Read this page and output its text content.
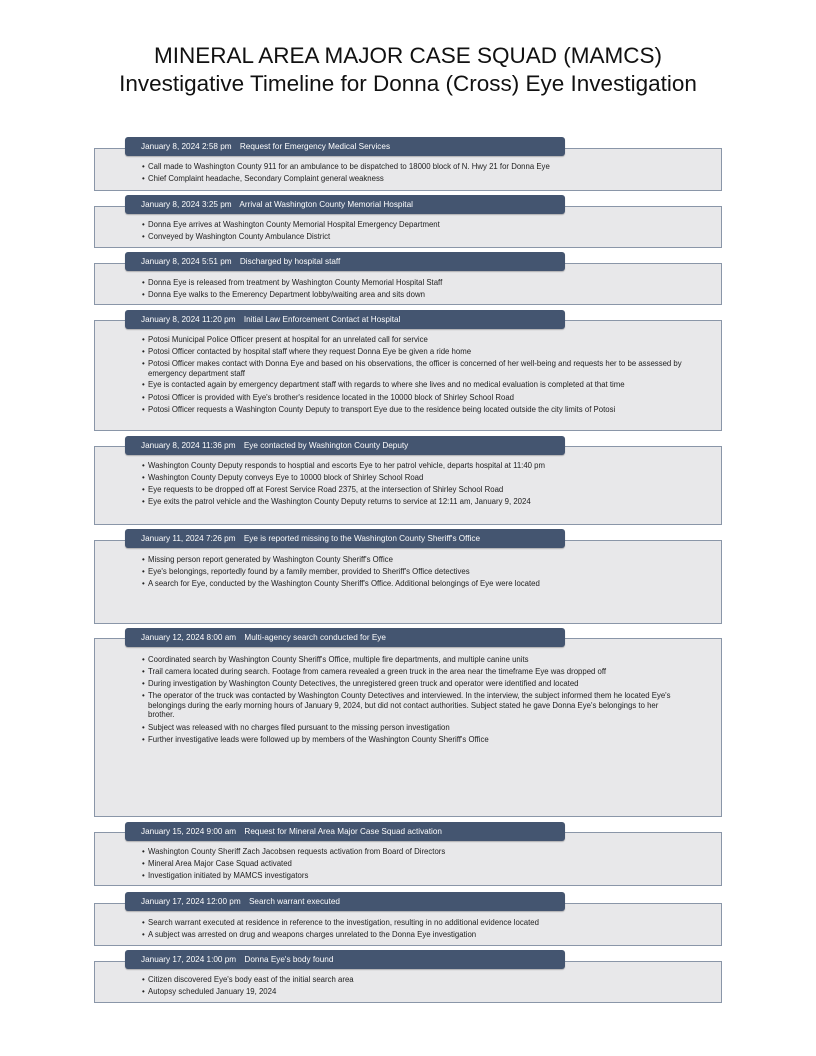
MINERAL AREA MAJOR CASE SQUAD (MAMCS)
Investigative Timeline for Donna (Cross) Eye Investigation
January 8, 2024 2:58 pm Request for Emergency Medical Services
• Call made to Washington County 911 for an ambulance to be dispatched to 18000 block of N. Hwy 21 for Donna Eye
• Chief Complaint headache, Secondary Complaint general weakness
January 8, 2024 3:25 pm Arrival at Washington County Memorial Hospital
• Donna Eye arrives at Washington County Memorial Hospital Emergency Department
• Conveyed by Washington County Ambulance District
January 8, 2024 5:51 pm Discharged by hospital staff
• Donna Eye is released from treatment by Washington County Memorial Hospital Staff
• Donna Eye walks to the Emerency Department lobby/waiting area and sits down
January 8, 2024 11:20 pm Initial Law Enforcement Contact at Hospital
• Potosi Municipal Police Officer present at hospital for an unrelated call for service
• Potosi Officer contacted by hospital staff where they request Donna Eye be given a ride home
• Potosi Officer makes contact with Donna Eye and based on his observations, the officer is concerned of her well-being and requests her to be assessed by emergency department staff
• Eye is contacted again by emergency department staff with regards to where she lives and no medical evaluation is completed at that time
• Potosi Officer is provided with Eye's brother's residence located in the 10000 block of Shirley School Road
• Potosi Officer requests a Washington County Deputy to transport Eye due to the residence being located outside the city limits of Potosi
January 8, 2024 11:36 pm Eye contacted by Washington County Deputy
• Washington County Deputy responds to hosptial and escorts Eye to her patrol vehicle, departs hospital at 11:40 pm
• Washington County Deputy conveys Eye to 10000 block of Shirley School Road
• Eye requests to be dropped off at Forest Service Road 2375, at the intersection of Shirley School Road
• Eye exits the patrol vehicle and the Washington County Deputy returns to service at 12:11 am, January 9, 2024
January 11, 2024 7:26 pm Eye is reported missing to the Washington County Sheriff's Office
• Missing person report generated by Washington County Sheriff's Office
• Eye's belongings, reportedly found by a family member, provided to Sheriff's Office detectives
• A search for Eye, conducted by the Washington County Sheriff's Office. Additional belongings of Eye were located
January 12, 2024 8:00 am Multi-agency search conducted for Eye
• Coordinated search by Washington County Sheriff's Office, multiple fire departments, and multiple canine units
• Trail camera located during search. Footage from camera revealed a green truck in the area near the timeframe Eye was dropped off
• During investigation by Washington County Detectives, the unregistered green truck and operator were identified and located
• The operator of the truck was contacted by Washington County Detectives and interviewed. In the interview, the subject informed them he located Eye's belongings during the early morning hours of January 9, 2024, but did not contact authorities. Subject stated he gave Donna Eye's belongings to her brother.
• Subject was released with no charges filed pursuant to the missing person investigation
• Further investigative leads were followed up by members of the Washington County Sheriff's Office
January 15, 2024 9:00 am Request for Mineral Area Major Case Squad activation
• Washington County Sheriff Zach Jacobsen requests activation from Board of Directors
• Mineral Area Major Case Squad activated
• Investigation initiated by MAMCS investigators
January 17, 2024 12:00 pm Search warrant executed
• Search warrant executed at residence in reference to the investigation, resulting in no additional evidence located
• A subject was arrested on drug and weapons charges unrelated to the Donna Eye investigation
January 17, 2024 1:00 pm Donna Eye's body found
• Citizen discovered Eye's body east of the initial search area
• Autopsy scheduled January 19, 2024
